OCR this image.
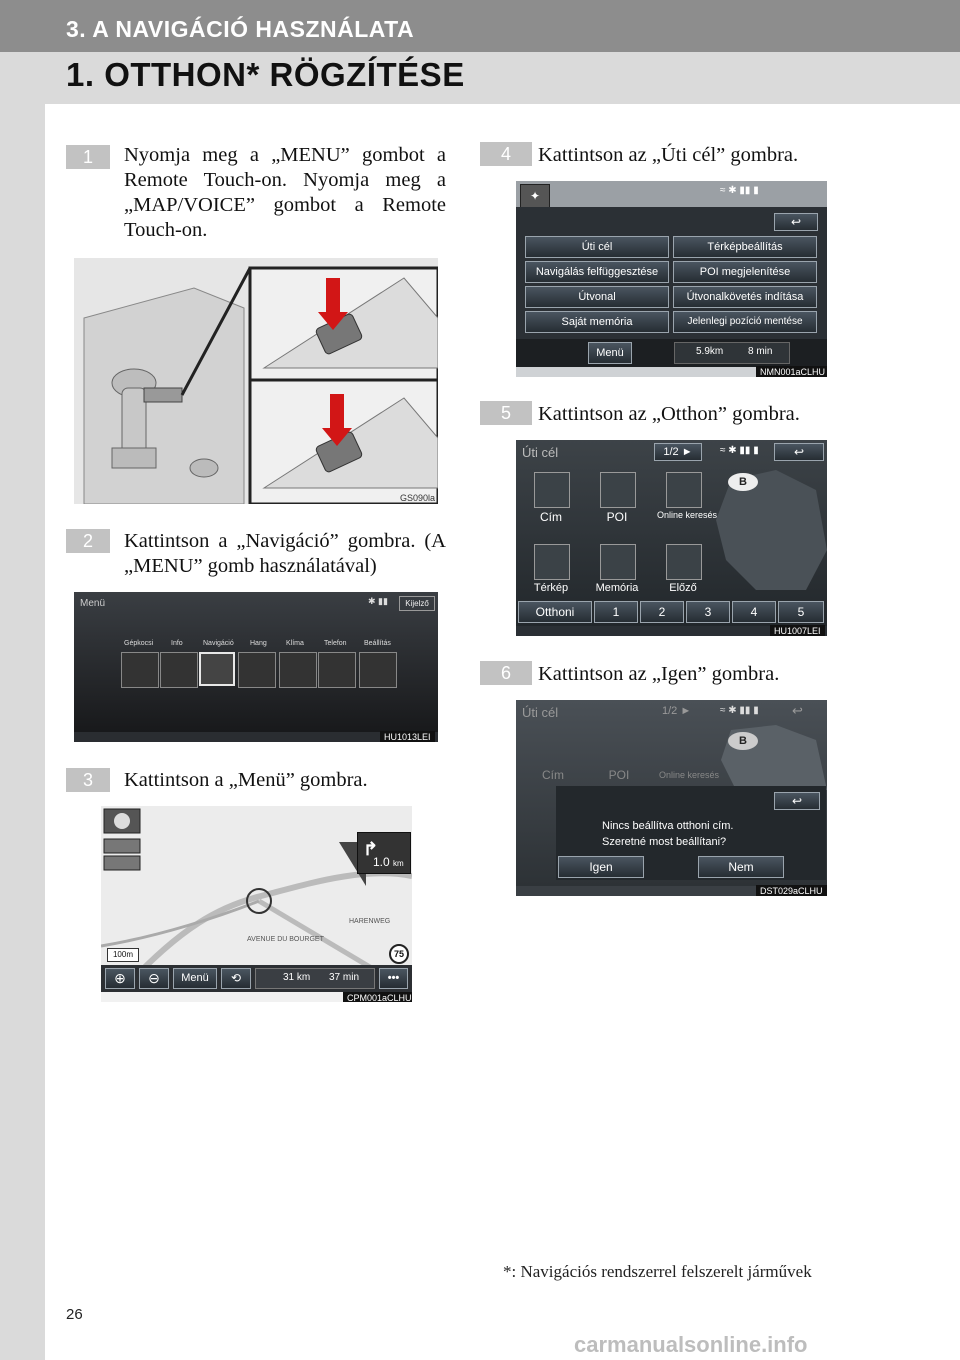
3. A NAVIGÁCIÓ HASZNÁLATA
1. OTTHON* RÖGZÍTÉSE
1	Nyomja meg a „MENU” gombot a Remote Touch-on. Nyomja meg a „MAP/VOICE” gombot a Remote Touch-on.
GS090la
2	Kattintson a „Navigáció” gombra. (A „MENU” gomb használatával)
Menü	✱ ▮▮	Kijelző
Gépkocsi	Info	Navigáció Hang	Klíma	Telefon Beállítás
HU1013LEI
3	Kattintson a „Menü” gombra.
↱
1.0 km
HARENWEG
AVENUE DU BOURGET
100m	75
⊕	⊖	Menü	⟲	31 km 37 min	•••
CPM001aCLHU
4	Kattintson az „Úti cél” gombra.
✦	≈ ✱ ▮▮ ▮
↩
Úti cél	Térképbeállítás
Navigálás felfüggesztése	POI megjelenítése
Útvonal	Útvonalkövetés indítása
Saját memória	Jelenlegi pozíció mentése
Menü	5.9km 8 min
NMN001aCLHU
5	Kattintson az „Otthon” gombra.
Úti cél	1/2 ►	≈ ✱ ▮▮ ▮	↩
B
Cím	POI	Online keresés
Térkép	Memória	Előző
Otthoni	1	2	3	4	5
HU1007LEI
6	Kattintson az „Igen” gombra.
Úti cél	1/2 ►	≈ ✱ ▮▮ ▮	↩
B
Cím	POI	Online keresés
↩
Nincs beállítva otthoni cím.
Szeretné most beállítani?
Igen	Nem
DST029aCLHU
*: Navigációs rendszerrel felszerelt járművek
26
carmanualsonline.info
